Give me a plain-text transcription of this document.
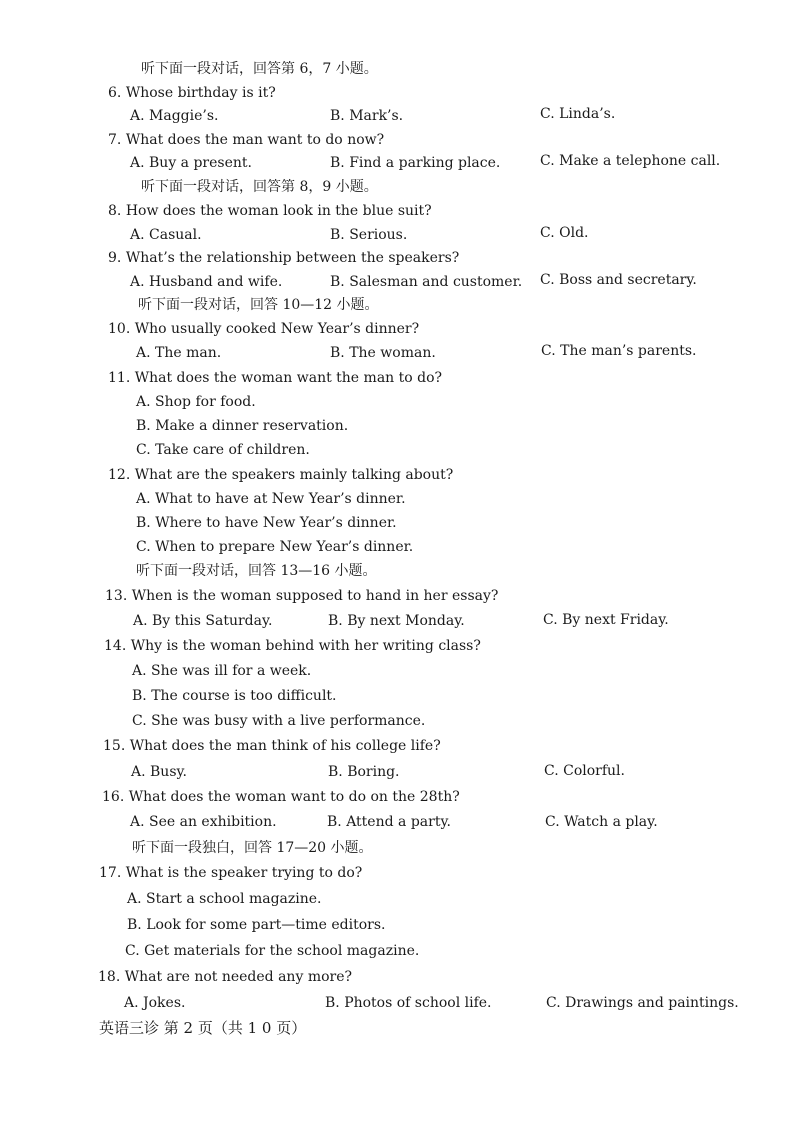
听下面一段对话，回答第 6，7 小题。
6. Whose birthday is it?
A. Maggie’s.	B. Mark’s.	C. Linda’s.
7. What does the man want to do now?
A. Buy a present.	B. Find a parking place.	C. Make a telephone call.
听下面一段对话，回答第 8，9 小题。
8. How does the woman look in the blue suit?
A. Casual.	B. Serious.	C. Old.
9. What’s the relationship between the speakers?
A. Husband and wife.	B. Salesman and customer. C. Boss and secretary.
听下面一段对话，回答 10—12 小题。
10. Who usually cooked New Year’s dinner?
A. The man.	B. The woman.	C. The man’s parents.
11. What does the woman want the man to do?
A. Shop for food.
B. Make a dinner reservation.
C. Take care of children.
12. What are the speakers mainly talking about?
A. What to have at New Year’s dinner.
B. Where to have New Year’s dinner.
C. When to prepare New Year’s dinner.
听下面一段对话，回答 13—16 小题。
13. When is the woman supposed to hand in her essay?
A. By this Saturday.	B. By next Monday.	C. By next Friday.
14. Why is the woman behind with her writing class?
A. She was ill for a week.
B. The course is too difficult.
C. She was busy with a live performance.
15. What does the man think of his college life?
A. Busy.	B. Boring.	C. Colorful.
16. What does the woman want to do on the 28th?
A. See an exhibition.	B. Attend a party.	C. Watch a play.
听下面一段独白，回答 17—20 小题。
17. What is the speaker trying to do?
A. Start a school magazine.
B. Look for some part—time editors.
C. Get materials for the school magazine.
18. What are not needed any more?
A. Jokes.	B. Photos of school life.	C. Drawings and paintings.
英语三诊 第 2 页（共 1 0 页）
